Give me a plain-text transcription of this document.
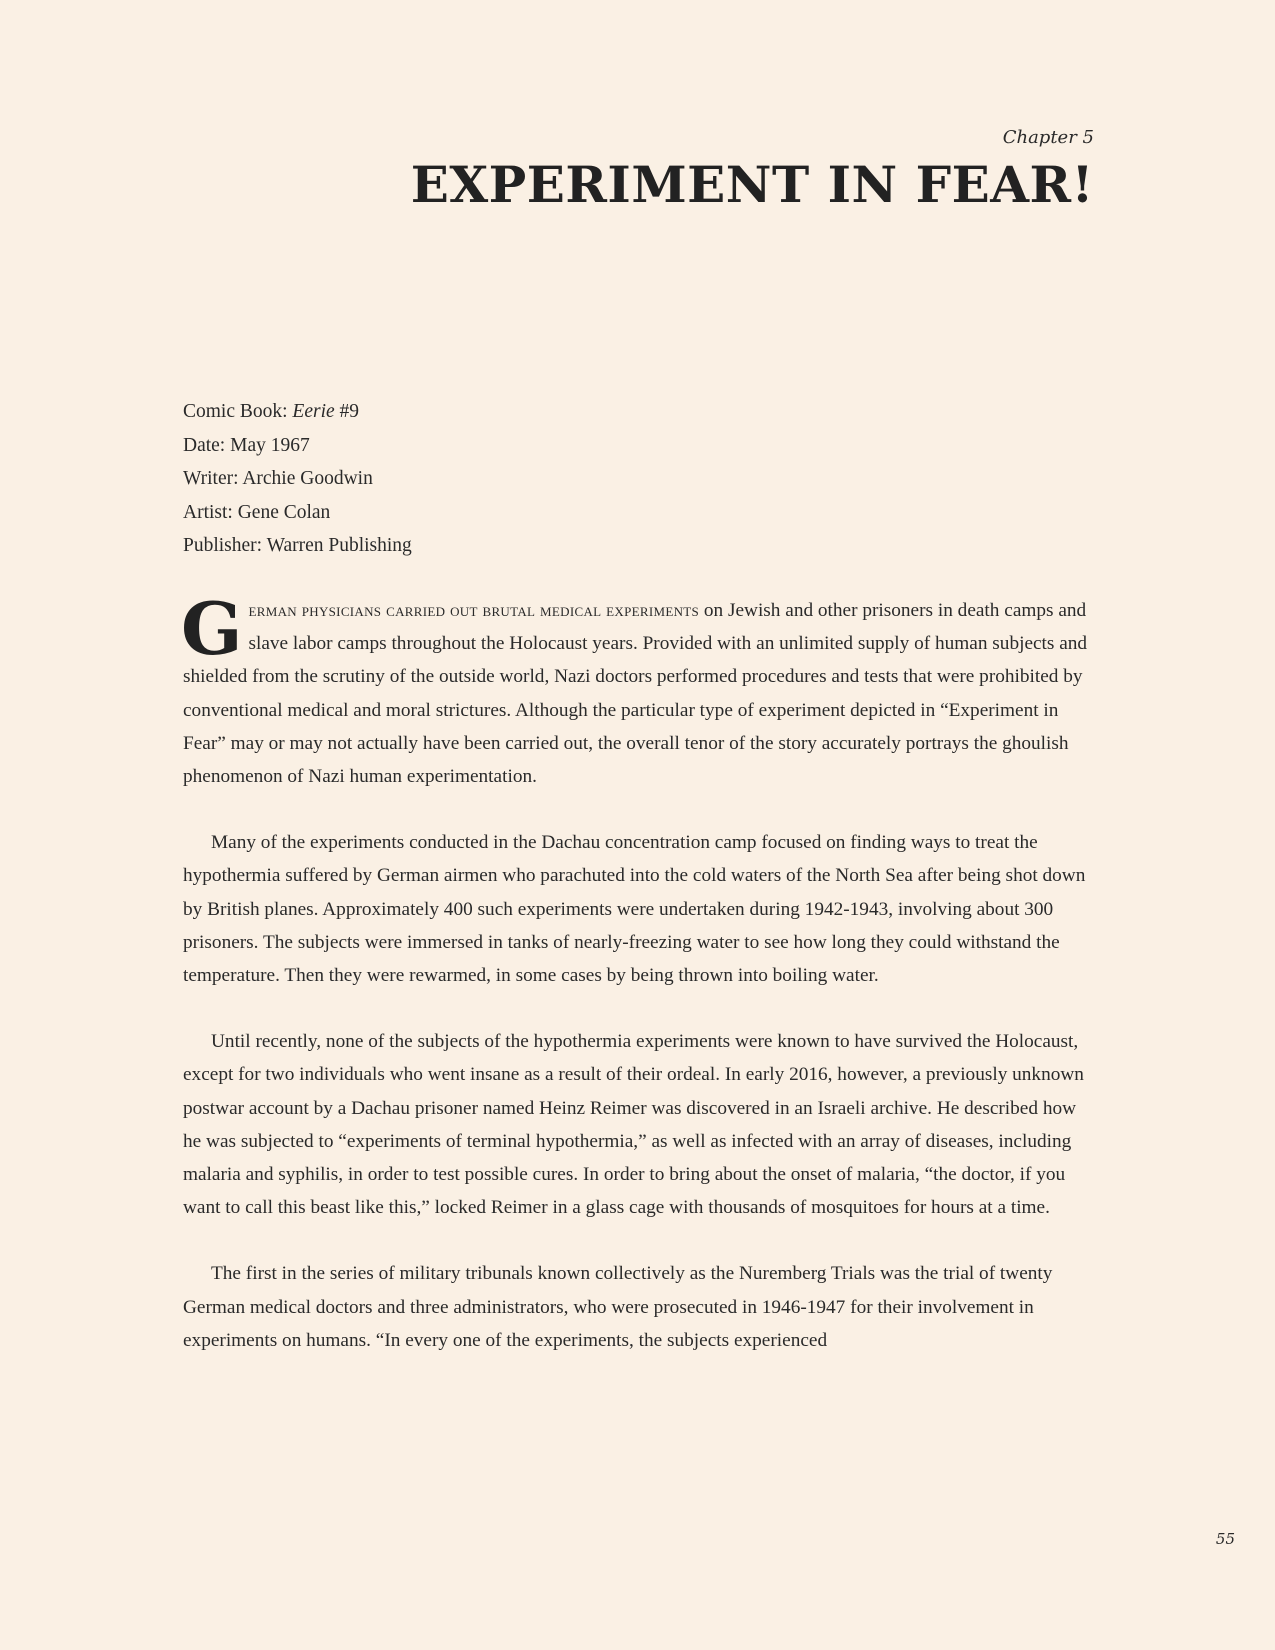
Chapter 5
EXPERIMENT IN FEAR!
Comic Book: Eerie #9
Date: May 1967
Writer: Archie Goodwin
Artist: Gene Colan
Publisher: Warren Publishing

German physicians carried out brutal medical experiments on Jewish and other prisoners in death camps and slave labor camps throughout the Holocaust years. Provided with an unlimited supply of human subjects and shielded from the scrutiny of the outside world, Nazi doctors performed procedures and tests that were prohibited by conventional medical and moral strictures. Although the particular type of experiment depicted in “Experiment in Fear” may or may not actually have been carried out, the overall tenor of the story accurately portrays the ghoulish phenomenon of Nazi human experimentation.

Many of the experiments conducted in the Dachau concentration camp focused on finding ways to treat the hypothermia suffered by German airmen who parachuted into the cold waters of the North Sea after being shot down by British planes. Approximately 400 such experiments were undertaken during 1942-1943, involving about 300 prisoners. The subjects were immersed in tanks of nearly-freezing water to see how long they could withstand the temperature. Then they were rewarmed, in some cases by being thrown into boiling water.

Until recently, none of the subjects of the hypothermia experiments were known to have survived the Holocaust, except for two individuals who went insane as a result of their ordeal. In early 2016, however, a previously unknown postwar account by a Dachau prisoner named Heinz Reimer was discovered in an Israeli archive. He described how he was subjected to “experiments of terminal hypothermia,” as well as infected with an array of diseases, including malaria and syphilis, in order to test possible cures. In order to bring about the onset of malaria, “the doctor, if you want to call this beast like this,” locked Reimer in a glass cage with thousands of mosquitoes for hours at a time.

The first in the series of military tribunals known collectively as the Nuremberg Trials was the trial of twenty German medical doctors and three administrators, who were prosecuted in 1946-1947 for their involvement in experiments on humans. “In every one of the experiments, the subjects experienced

55
